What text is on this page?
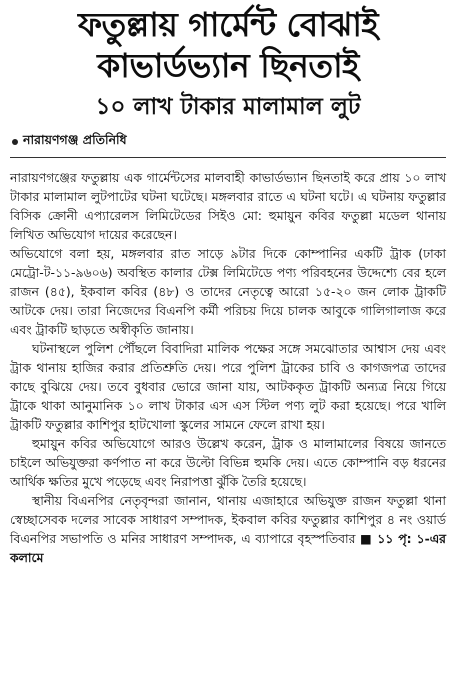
ফতুল্লায় গার্মেন্ট বোঝাই
কাভার্ডভ্যান ছিনতাই
১০ লাখ টাকার মালামাল লুট
নারায়ণগঞ্জ প্রতিনিধি

নারায়ণগঞ্জের ফতুল্লায় এক গার্মেন্টসের মালবাহী কাভার্ডভ্যান ছিনতাই করে প্রায় ১০ লাখ টাকার মালামাল লুটপাটের ঘটনা ঘটেছে। মঙ্গলবার রাতে এ ঘটনা ঘটে। এ ঘটনায় ফতুল্লার বিসিক ক্রোনী এপ্যারেলস লিমিটেডের সিইও মো: হুমায়ুন কবির ফতুল্লা মডেল থানায় লিখিত অভিযোগ দায়ের করেছেন।

অভিযোগে বলা হয়, মঙ্গলবার রাত সাড়ে ৯টার দিকে কোম্পানির একটি ট্রাক (ঢাকা মেট্রো-ট-১১-৯৬০৬) অবস্থিত কালার টেক্স লিমিটেডে পণ্য পরিবহনের উদ্দেশ্যে বের হলে রাজন (৪৫), ইকবাল কবির (৪৮) ও তাদের নেতৃত্বে আরো ১৫-২০ জন লোক ট্রাকটি আটকে দেয়। তারা নিজেদের বিএনপি কর্মী পরিচয় দিয়ে চালক আবুকে গালিগালাজ করে এবং ট্রাকটি ছাড়তে অস্বীকৃতি জানায়।

ঘটনাস্থলে পুলিশ পৌঁছলে বিবাদিরা মালিক পক্ষের সঙ্গে সমঝোতার আশ্বাস দেয় এবং ট্রাক থানায় হাজির করার প্রতিশ্রুতি দেয়। পরে পুলিশ ট্রাকের চাবি ও কাগজপত্র তাদের কাছে বুঝিয়ে দেয়। তবে বুধবার ভোরে জানা যায়, আটককৃত ট্রাকটি অন্যত্র নিয়ে গিয়ে ট্রাকে থাকা আনুমানিক ১০ লাখ টাকার এস এস স্টিল পণ্য লুট করা হয়েছে। পরে খালি ট্রাকটি ফতুল্লার কাশিপুর হাটখোলা স্কুলের সামনে ফেলে রাখা হয়।

হুমায়ুন কবির অভিযোগে আরও উল্লেখ করেন, ট্রাক ও মালামালের বিষয়ে জানতে চাইলে অভিযুক্তরা কর্ণপাত না করে উল্টো বিভিন্ন হুমকি দেয়। এতে কোম্পানি বড় ধরনের আর্থিক ক্ষতির মুখে পড়েছে এবং নিরাপত্তা ঝুঁকি তৈরি হয়েছে।

স্থানীয় বিএনপির নেতৃবৃন্দরা জানান, থানায় এজাহারে অভিযুক্ত রাজন ফতুল্লা থানা স্বেচ্ছাসেবক দলের সাবেক সাধারণ সম্পাদক, ইকবাল কবির ফতুল্লার কাশিপুর ৪ নং ওয়ার্ড বিএনপির সভাপতি ও মনির সাধারণ সম্পাদক, এ ব্যাপারে বৃহস্পতিবার ■ ১১ পৃ: ১-এর কলামে
